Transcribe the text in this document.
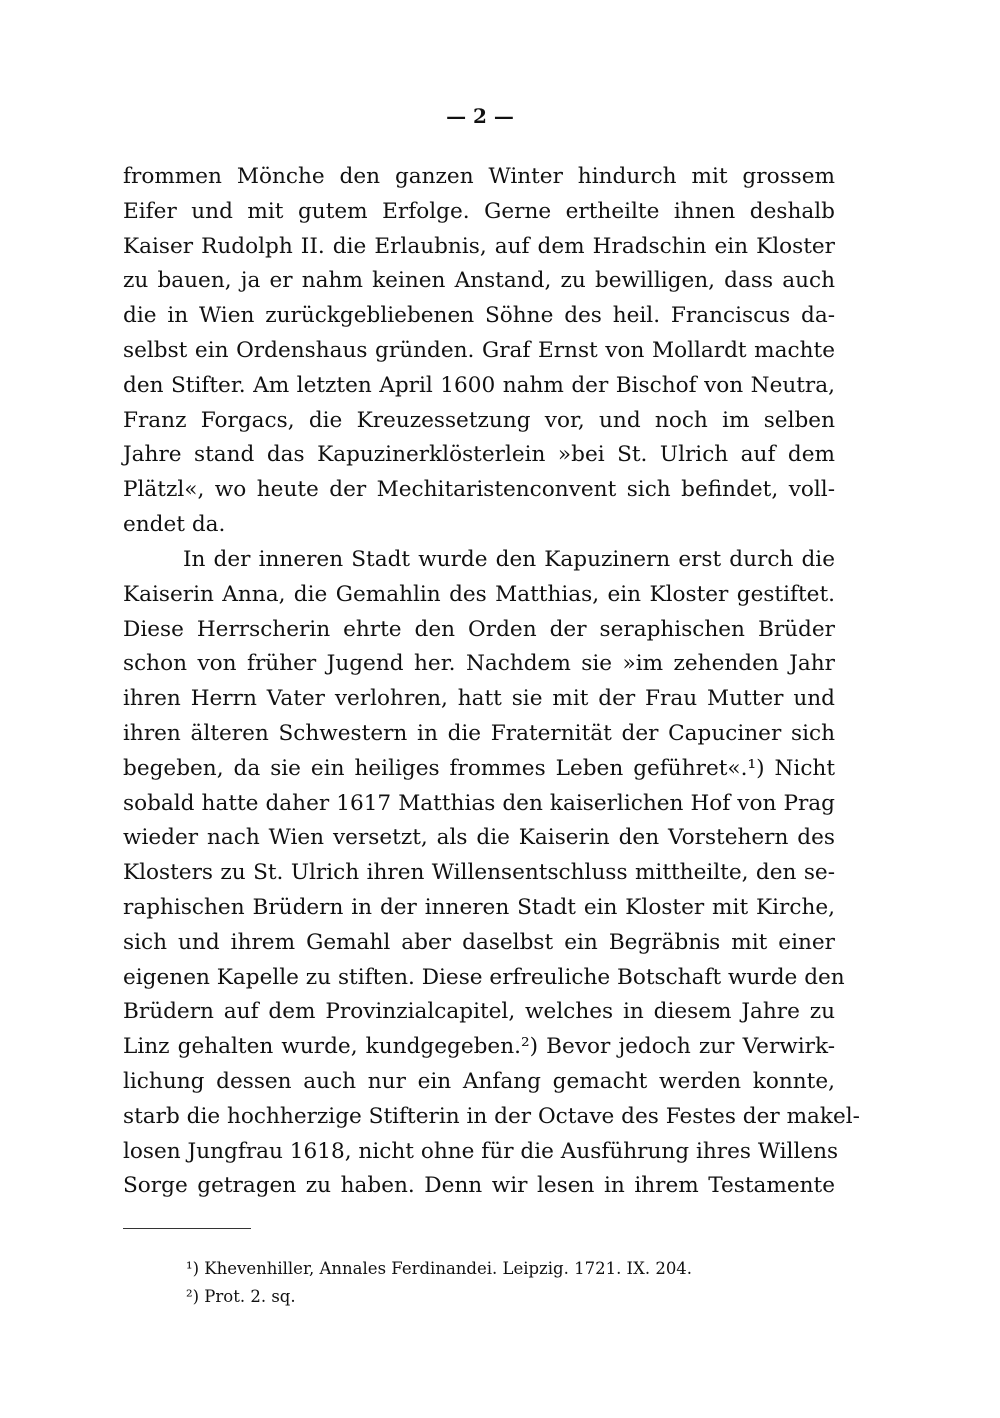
— 2 —
frommen Mönche den ganzen Winter hindurch mit grossem
Eifer und mit gutem Erfolge. Gerne ertheilte ihnen deshalb
Kaiser Rudolph II. die Erlaubnis, auf dem Hradschin ein Kloster
zu bauen, ja er nahm keinen Anstand, zu bewilligen, dass auch
die in Wien zurückgebliebenen Söhne des heil. Franciscus da-
selbst ein Ordenshaus gründen. Graf Ernst von Mollardt machte
den Stifter. Am letzten April 1600 nahm der Bischof von Neutra,
Franz Forgacs, die Kreuzessetzung vor, und noch im selben
Jahre stand das Kapuzinerklösterlein »bei St. Ulrich auf dem
Plätzl«, wo heute der Mechitaristenconvent sich befindet, voll-
endet da.
In der inneren Stadt wurde den Kapuzinern erst durch die
Kaiserin Anna, die Gemahlin des Matthias, ein Kloster gestiftet.
Diese Herrscherin ehrte den Orden der seraphischen Brüder
schon von früher Jugend her. Nachdem sie »im zehenden Jahr
ihren Herrn Vater verlohren, hatt sie mit der Frau Mutter und
ihren älteren Schwestern in die Fraternität der Capuciner sich
begeben, da sie ein heiliges frommes Leben geführet«.¹) Nicht
sobald hatte daher 1617 Matthias den kaiserlichen Hof von Prag
wieder nach Wien versetzt, als die Kaiserin den Vorstehern des
Klosters zu St. Ulrich ihren Willensentschluss mittheilte, den se-
raphischen Brüdern in der inneren Stadt ein Kloster mit Kirche,
sich und ihrem Gemahl aber daselbst ein Begräbnis mit einer
eigenen Kapelle zu stiften. Diese erfreuliche Botschaft wurde den
Brüdern auf dem Provinzialcapitel, welches in diesem Jahre zu
Linz gehalten wurde, kundgegeben.²) Bevor jedoch zur Verwirk-
lichung dessen auch nur ein Anfang gemacht werden konnte,
starb die hochherzige Stifterin in der Octave des Festes der makel-
losen Jungfrau 1618, nicht ohne für die Ausführung ihres Willens
Sorge getragen zu haben. Denn wir lesen in ihrem Testamente
¹) Khevenhiller, Annales Ferdinandei. Leipzig. 1721. IX. 204.
²) Prot. 2. sq.
